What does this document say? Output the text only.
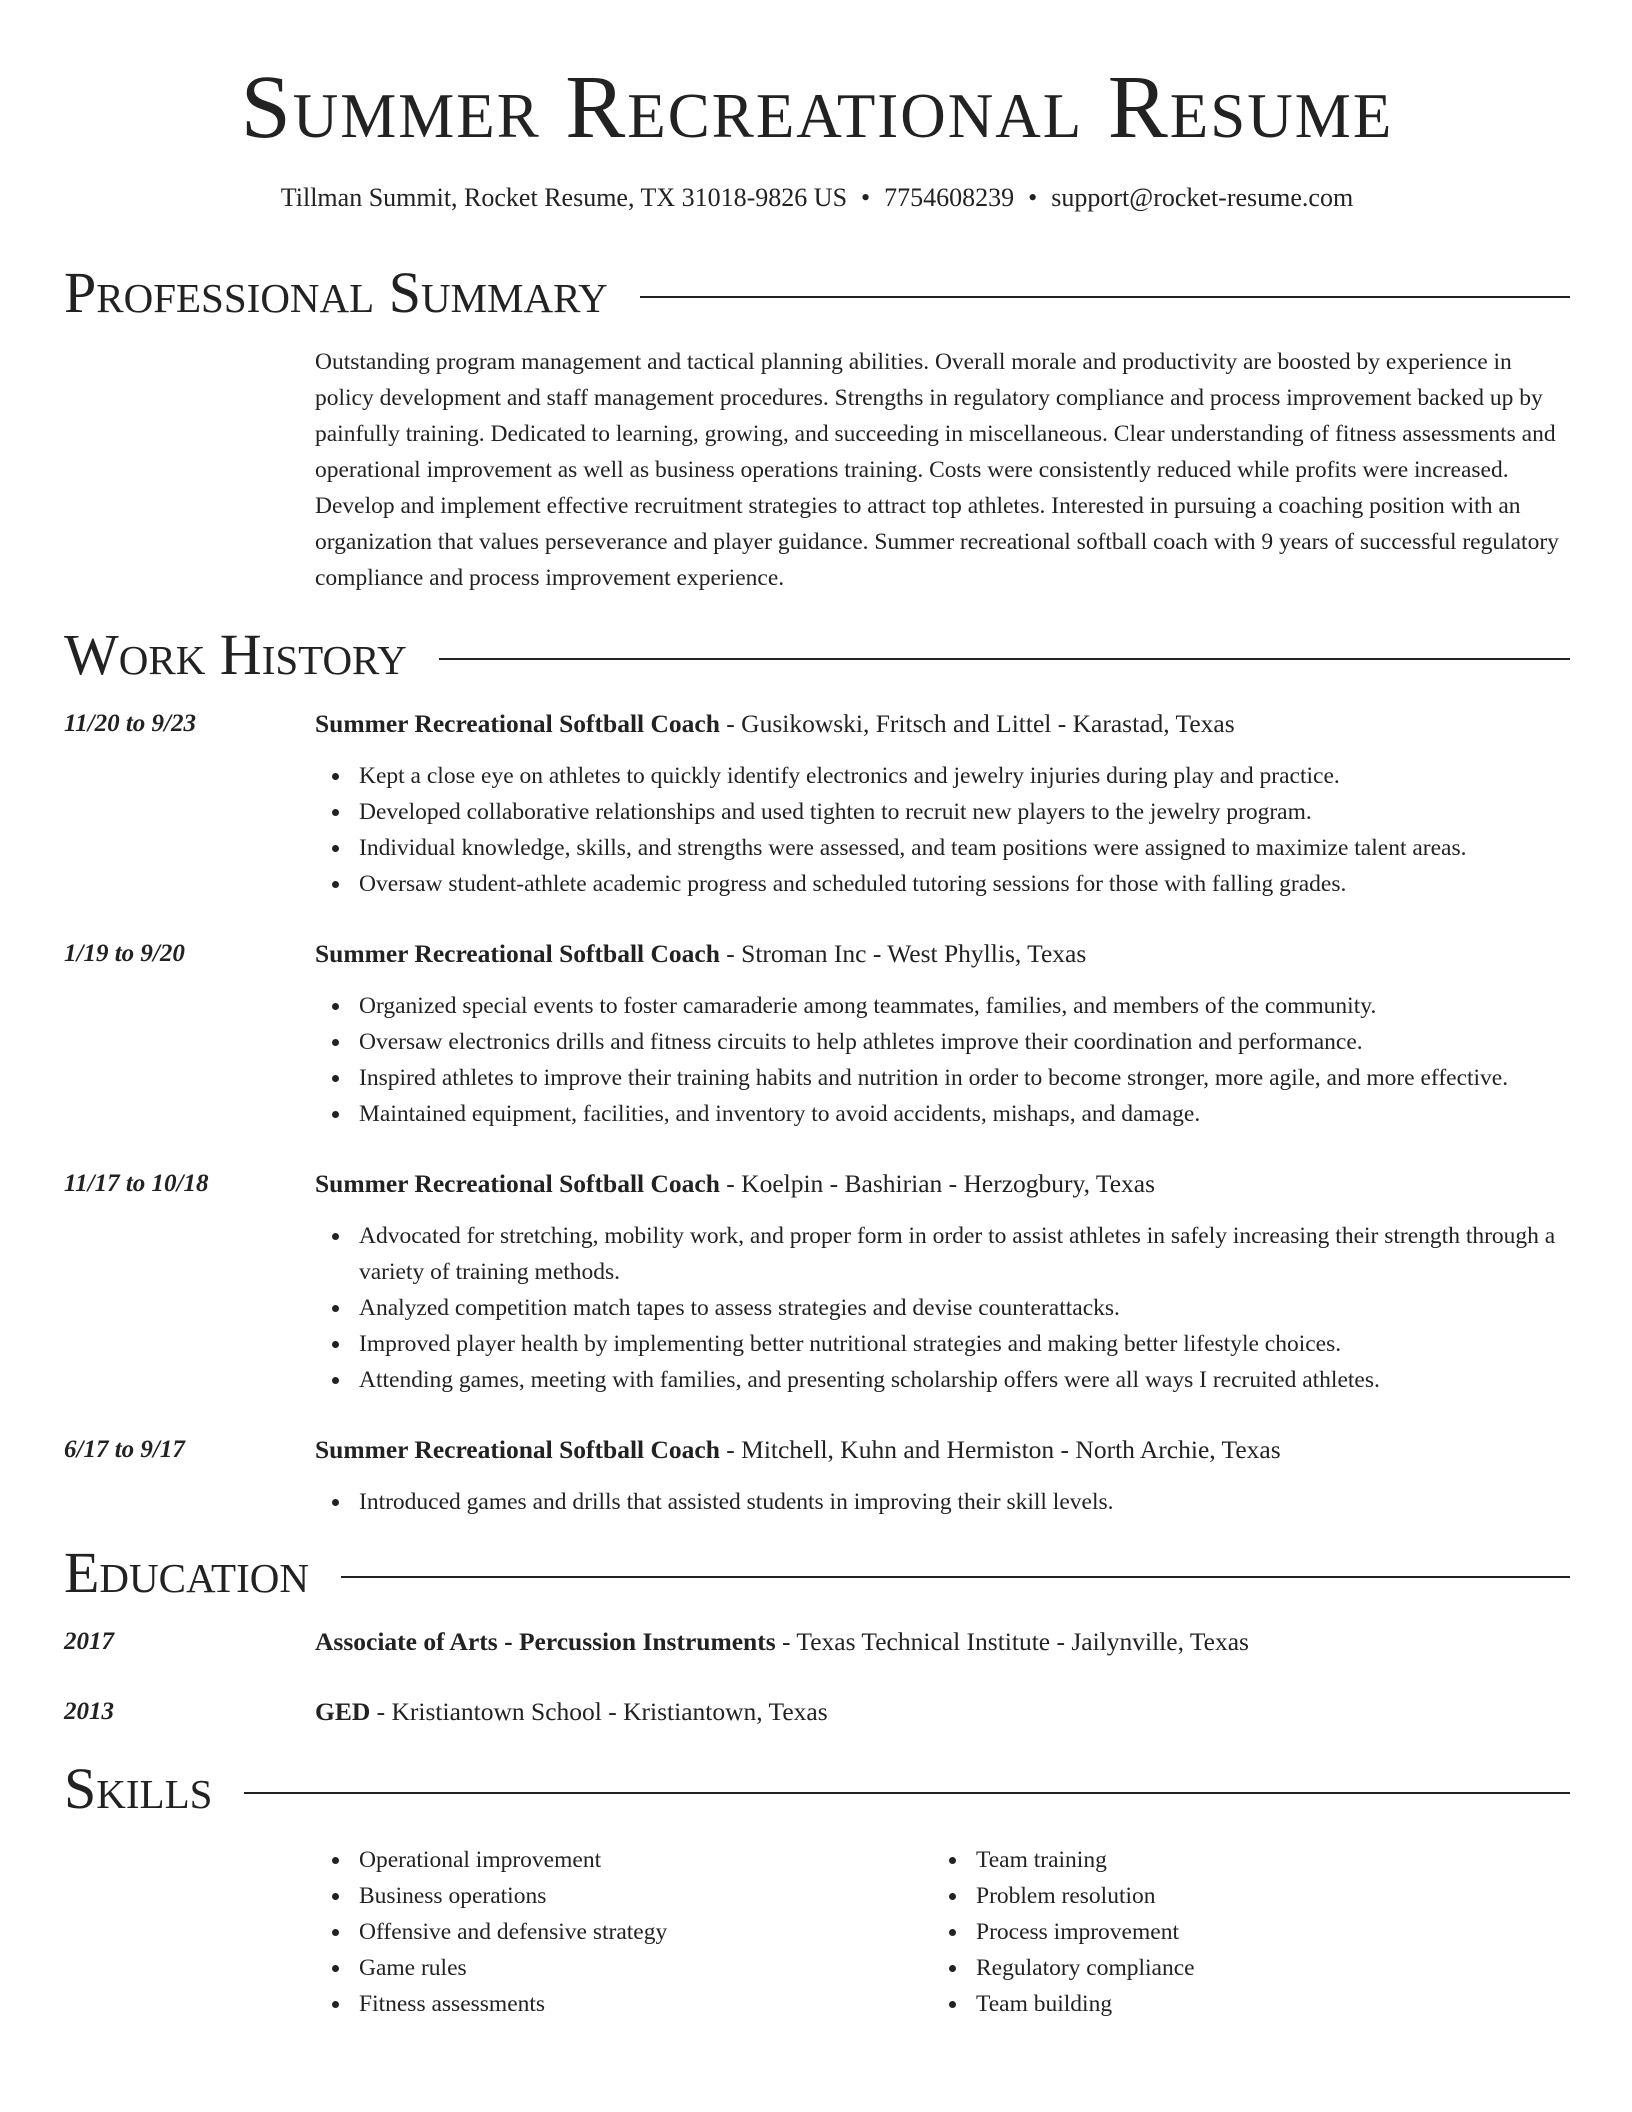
Summer Recreational Resume
Tillman Summit, Rocket Resume, TX 31018-9826 US • 7754608239 • support@rocket-resume.com
Professional Summary
Outstanding program management and tactical planning abilities. Overall morale and productivity are boosted by experience in policy development and staff management procedures. Strengths in regulatory compliance and process improvement backed up by painfully training. Dedicated to learning, growing, and succeeding in miscellaneous. Clear understanding of fitness assessments and operational improvement as well as business operations training. Costs were consistently reduced while profits were increased. Develop and implement effective recruitment strategies to attract top athletes. Interested in pursuing a coaching position with an organization that values perseverance and player guidance. Summer recreational softball coach with 9 years of successful regulatory compliance and process improvement experience.
Work History
11/20 to 9/23	Summer Recreational Softball Coach - Gusikowski, Fritsch and Littel - Karastad, Texas
Kept a close eye on athletes to quickly identify electronics and jewelry injuries during play and practice.
Developed collaborative relationships and used tighten to recruit new players to the jewelry program.
Individual knowledge, skills, and strengths were assessed, and team positions were assigned to maximize talent areas.
Oversaw student-athlete academic progress and scheduled tutoring sessions for those with falling grades.
1/19 to 9/20	Summer Recreational Softball Coach - Stroman Inc - West Phyllis, Texas
Organized special events to foster camaraderie among teammates, families, and members of the community.
Oversaw electronics drills and fitness circuits to help athletes improve their coordination and performance.
Inspired athletes to improve their training habits and nutrition in order to become stronger, more agile, and more effective.
Maintained equipment, facilities, and inventory to avoid accidents, mishaps, and damage.
11/17 to 10/18	Summer Recreational Softball Coach - Koelpin - Bashirian - Herzogbury, Texas
Advocated for stretching, mobility work, and proper form in order to assist athletes in safely increasing their strength through a variety of training methods.
Analyzed competition match tapes to assess strategies and devise counterattacks.
Improved player health by implementing better nutritional strategies and making better lifestyle choices.
Attending games, meeting with families, and presenting scholarship offers were all ways I recruited athletes.
6/17 to 9/17	Summer Recreational Softball Coach - Mitchell, Kuhn and Hermiston - North Archie, Texas
Introduced games and drills that assisted students in improving their skill levels.
Education
2017	Associate of Arts - Percussion Instruments - Texas Technical Institute - Jailynville, Texas
2013	GED - Kristiantown School - Kristiantown, Texas
Skills
Operational improvement
Business operations
Offensive and defensive strategy
Game rules
Fitness assessments
Team training
Problem resolution
Process improvement
Regulatory compliance
Team building
